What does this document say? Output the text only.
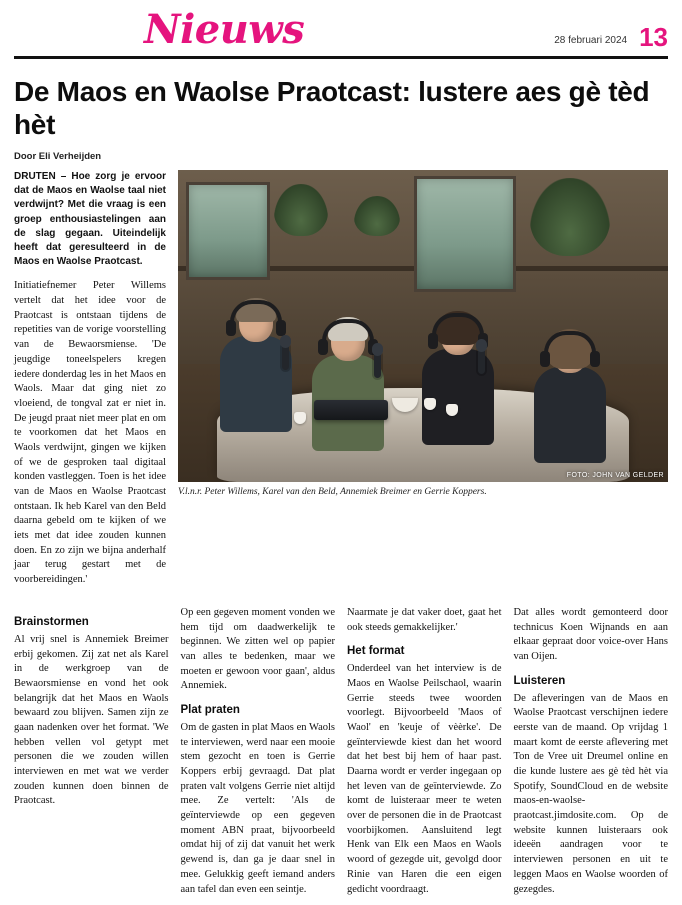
Nieuws	28 februari 2024 13
De Maos en Waolse Praotcast: lustere aes gè tèd hèt
Door Eli Verheijden

DRUTEN – Hoe zorg je ervoor dat de Maos en Waolse taal niet verdwijnt? Met die vraag is een groep enthousiastelingen aan de slag gegaan. Uiteindelijk heeft dat geresulteerd in de Maos en Waolse Praotcast.

Initiatiefnemer Peter Willems vertelt dat het idee voor de Praotcast is ontstaan tijdens de repetities van de vorige voorstelling van de Bewaorsmiense. 'De jeugdige toneelspelers kregen iedere donderdag les in het Maos en Waols. Maar dat ging niet zo vloeiend, de tongval zat er niet in. De jeugd praat niet meer plat en om te voorkomen dat het Maos en Waols verdwijnt, gingen we kijken of we de gesproken taal digitaal konden vastleggen. Toen is het idee van de Maos en Waolse Praotcast ontstaan. Ik heb Karel van den Beld daarna gebeld om te kijken of we iets met dat idee zouden kunnen doen. En zo zijn we bijna anderhalf jaar terug gestart met de voorbereidingen.'

FOTO: JOHN VAN GELDER
V.l.n.r. Peter Willems, Karel van den Beld, Annemiek Breimer en Gerrie Koppers.
Brainstormen

Al vrij snel is Annemiek Breimer erbij gekomen. Zij zat net als Karel in de werkgroep van de Bewaorsmiense en vond het ook belangrijk dat het Maos en Waols bewaard zou blijven. Samen zijn ze gaan nadenken over het format. 'We hebben vellen vol getypt met personen die we zouden willen interviewen en met wat we verder zouden kunnen doen binnen de Praotcast.

Op een gegeven moment vonden we hem tijd om daadwerkelijk te beginnen. We zitten wel op papier van alles te bedenken, maar we moeten er gewoon voor gaan', aldus Annemiek.

Plat praten

Om de gasten in plat Maos en Waols te interviewen, werd naar een mooie stem gezocht en toen is Gerrie Koppers erbij gevraagd. Dat plat praten valt volgens Gerrie niet altijd mee. Ze vertelt: 'Als de geïnterviewde op een gegeven moment ABN praat, bijvoorbeeld omdat hij of zij dat vanuit het werk gewend is, dan ga je daar snel in mee. Gelukkig geeft iemand anders aan tafel dan even een seintje.

Naarmate je dat vaker doet, gaat het ook steeds gemakkelijker.'

Het format

Onderdeel van het interview is de Maos en Waolse Peilschaol, waarin Gerrie steeds twee woorden voorlegt. Bijvoorbeeld 'Maos of Waol' en 'keuje of vèèrke'. De geïnterviewde kiest dan het woord dat het best bij hem of haar past. Daarna wordt er verder ingegaan op het leven van de geïnterviewde. Zo komt de luisteraar meer te weten over de personen die in de Praotcast voorbijkomen. Aansluitend legt Henk van Elk een Maos en Waols woord of gezegde uit, gevolgd door Rinie van Haren die een eigen gedicht voordraagt.

Dat alles wordt gemonteerd door technicus Koen Wijnands en aan elkaar gepraat door voice-over Hans van Oijen.

Luisteren

De afleveringen van de Maos en Waolse Praotcast verschijnen iedere eerste van de maand. Op vrijdag 1 maart komt de eerste aflevering met Ton de Vree uit Dreumel online en die kunde lustere aes gè tèd hèt via Spotify, SoundCloud en de website maos-en-waolse-praotcast.jimdosite.com. Op de website kunnen luisteraars ook ideeën aandragen voor te interviewen personen en uit te leggen Maos en Waolse woorden of gezegdes.
